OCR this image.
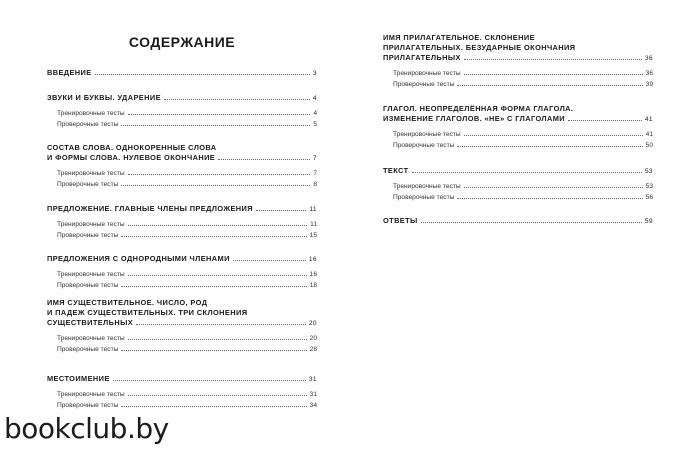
СОДЕРЖАНИЕ
ВВЕДЕНИЕ	3
ЗВУКИ И БУКВЫ. УДАРЕНИЕ	4
Тренировочные тесты	4
Проверочные тесты	5
СОСТАВ СЛОВА. ОДНОКОРЕННЫЕ СЛОВА
И ФОРМЫ СЛОВА. НУЛЕВОЕ ОКОНЧАНИЕ	7
Тренировочные тесты	7
Проверочные тесты	8
ПРЕДЛОЖЕНИЕ. ГЛАВНЫЕ ЧЛЕНЫ ПРЕДЛОЖЕНИЯ	11
Тренировочные тесты	11
Проверочные тесты	15
ПРЕДЛОЖЕНИЯ С ОДНОРОДНЫМИ ЧЛЕНАМИ	16
Тренировочные тесты	16
Проверочные тесты	18
ИМЯ СУЩЕСТВИТЕЛЬНОЕ. ЧИСЛО, РОД
И ПАДЕЖ СУЩЕСТВИТЕЛЬНЫХ. ТРИ СКЛОНЕНИЯ
СУЩЕСТВИТЕЛЬНЫХ	20
Тренировочные тесты	20
Проверочные тесты	28
МЕСТОИМЕНИЕ	31
Тренировочные тесты	31
Проверочные тесты	34
ИМЯ ПРИЛАГАТЕЛЬНОЕ. СКЛОНЕНИЕ
ПРИЛАГАТЕЛЬНЫХ. БЕЗУДАРНЫЕ ОКОНЧАНИЯ
ПРИЛАГАТЕЛЬНЫХ	36
Тренировочные тесты	36
Проверочные тесты	39
ГЛАГОЛ. НЕОПРЕДЕЛЁННАЯ ФОРМА ГЛАГОЛА.
ИЗМЕНЕНИЕ ГЛАГОЛОВ. «НЕ» С ГЛАГОЛАМИ	41
Тренировочные тесты	41
Проверочные тесты	50
ТЕКСТ	53
Тренировочные тесты	53
Проверочные тесты	56
ОТВЕТЫ	59
bookclub.by
